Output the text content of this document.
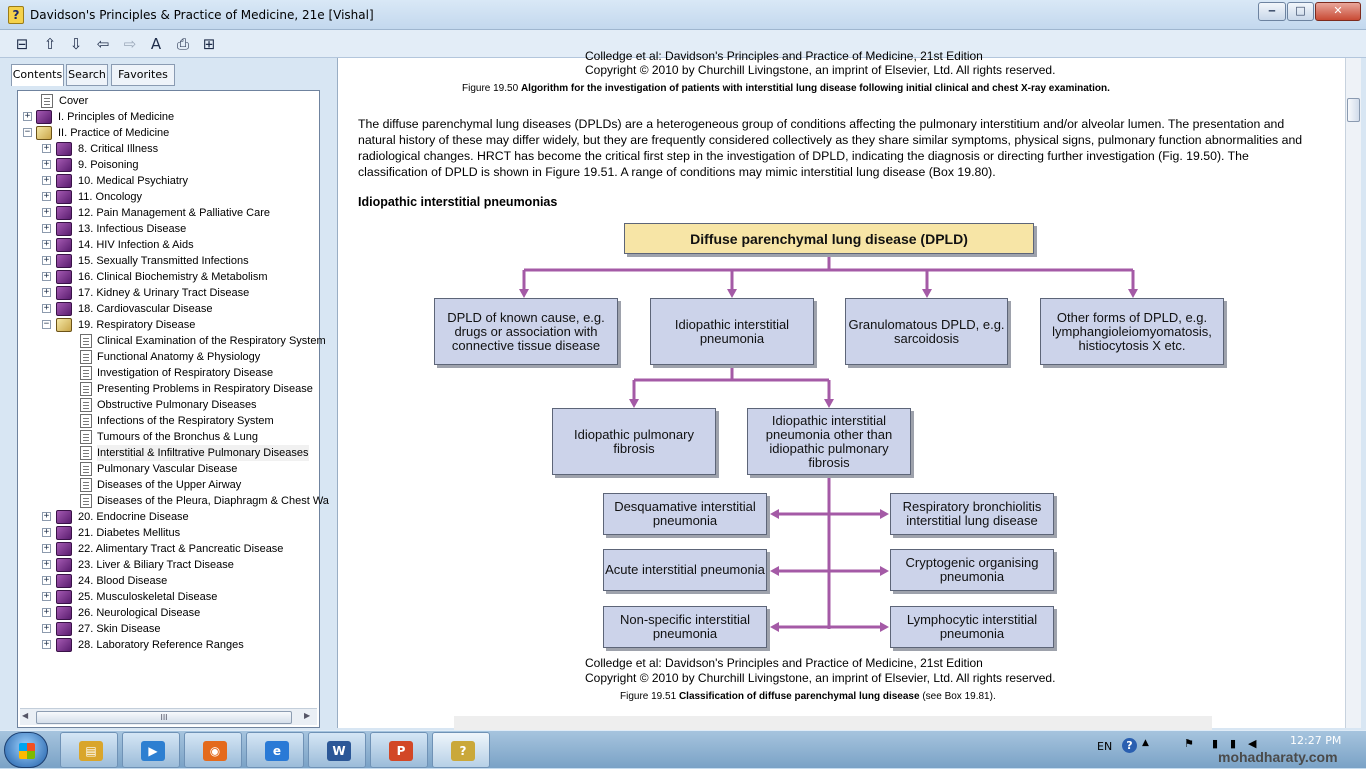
? Davidson's Principles & Practice of Medicine, 21e [Vishal]	‒	□	✕
⊟ ⇧ ⇩ ⇦ ⇨ A	⎙ ⊞
Contents Search	Favorites
Cover
+	I. Principles of Medicine
−	II. Practice of Medicine
+	8. Critical Illness
+	9. Poisoning
+	10. Medical Psychiatry
+	11. Oncology
+	12. Pain Management & Palliative Care
+	13. Infectious Disease
+	14. HIV Infection & Aids
+	15. Sexually Transmitted Infections
+	16. Clinical Biochemistry & Metabolism
+	17. Kidney & Urinary Tract Disease
+	18. Cardiovascular Disease
−	19. Respiratory Disease
Clinical Examination of the Respiratory System
Functional Anatomy & Physiology
Investigation of Respiratory Disease
Presenting Problems in Respiratory Disease
Obstructive Pulmonary Diseases
Infections of the Respiratory System
Tumours of the Bronchus & Lung
Interstitial & Infiltrative Pulmonary Diseases
Pulmonary Vascular Disease
Diseases of the Upper Airway
Diseases of the Pleura, Diaphragm & Chest Wa
+	20. Endocrine Disease
+	21. Diabetes Mellitus
+	22. Alimentary Tract & Pancreatic Disease
+	23. Liver & Biliary Tract Disease
+	24. Blood Disease
+	25. Musculoskeletal Disease
+	26. Neurological Disease
+	27. Skin Disease
+	28. Laboratory Reference Ranges
◀	III	▶
Colledge et al: Davidson's Principles and Practice of Medicine, 21st Edition
Copyright © 2010 by Churchill Livingstone, an imprint of Elsevier, Ltd. All rights reserved.
Figure 19.50 Algorithm for the investigation of patients with interstitial lung disease following initial clinical and chest X-ray examination.
The diffuse parenchymal lung diseases (DPLDs) are a heterogeneous group of conditions affecting the pulmonary interstitium and/or alveolar lumen. The presentation and natural history of these may differ widely, but they are frequently considered collectively as they share similar symptoms, physical signs, pulmonary function abnormalities and radiological changes. HRCT has become the critical first step in the investigation of DPLD, indicating the diagnosis or directing further investigation (Fig. 19.50). The classification of DPLD is shown in Figure 19.51. A range of conditions may mimic interstitial lung disease (Box 19.80).
Idiopathic interstitial pneumonias
Diffuse parenchymal lung disease (DPLD)
DPLD of known cause, e.g. drugs or association with connective tissue disease
Idiopathic interstitial pneumonia
Granulomatous DPLD, e.g. sarcoidosis
Other forms of DPLD, e.g. lymphangioleiomyomatosis, histiocytosis X etc.
Idiopathic pulmonary fibrosis
Idiopathic interstitial pneumonia other than idiopathic pulmonary fibrosis
Desquamative interstitial pneumonia
Respiratory bronchiolitis interstitial lung disease
Acute interstitial pneumonia	Cryptogenic organising pneumonia
Non-specific interstitial pneumonia
Lymphocytic interstitial pneumonia
Colledge et al: Davidson's Principles and Practice of Medicine, 21st Edition
Copyright © 2010 by Churchill Livingstone, an imprint of Elsevier, Ltd. All rights reserved.
Figure 19.51 Classification of diffuse parenchymal lung disease (see Box 19.81).
EN	?	▲	⚑ ▮ ▮ ◀	12:27 PM
mohadharaty.com
▤	▶	◉	e	W	P	?
